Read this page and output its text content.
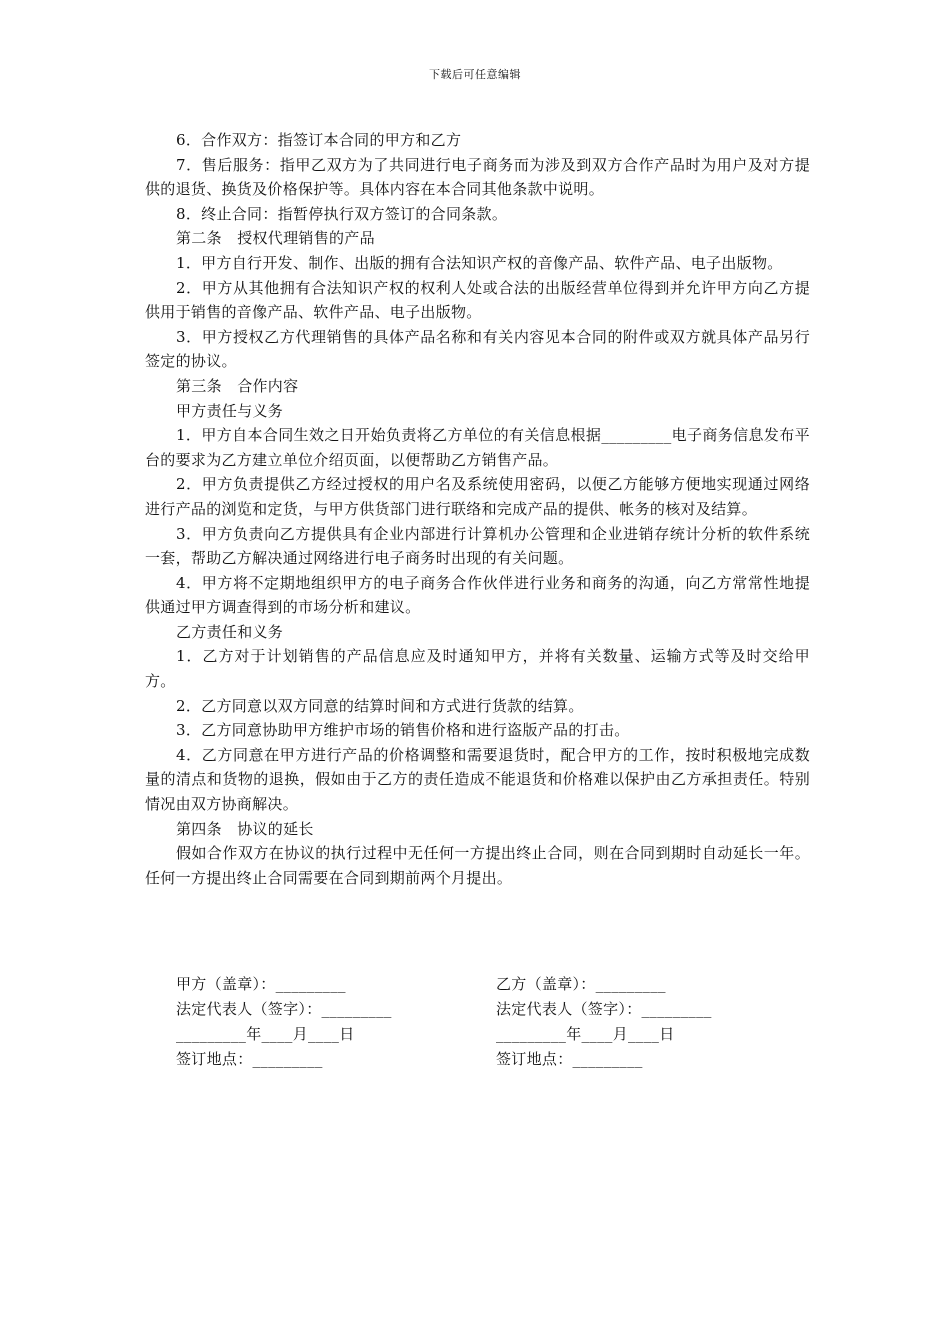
下载后可任意编辑

6．合作双方：指签订本合同的甲方和乙方

7．售后服务：指甲乙双方为了共同进行电子商务而为涉及到双方合作产品时为用户及对方提供的退货、换货及价格保护等。具体内容在本合同其他条款中说明。

8．终止合同：指暂停执行双方签订的合同条款。

第二条　授权代理销售的产品

1．甲方自行开发、制作、出版的拥有合法知识产权的音像产品、软件产品、电子出版物。

2．甲方从其他拥有合法知识产权的权利人处或合法的出版经营单位得到并允许甲方向乙方提供用于销售的音像产品、软件产品、电子出版物。

3．甲方授权乙方代理销售的具体产品名称和有关内容见本合同的附件或双方就具体产品另行签定的协议。

第三条　合作内容

甲方责任与义务

1．甲方自本合同生效之日开始负责将乙方单位的有关信息根据_________电子商务信息发布平台的要求为乙方建立单位介绍页面，以便帮助乙方销售产品。

2．甲方负责提供乙方经过授权的用户名及系统使用密码，以便乙方能够方便地实现通过网络进行产品的浏览和定货，与甲方供货部门进行联络和完成产品的提供、帐务的核对及结算。

3．甲方负责向乙方提供具有企业内部进行计算机办公管理和企业进销存统计分析的软件系统一套，帮助乙方解决通过网络进行电子商务时出现的有关问题。

4．甲方将不定期地组织甲方的电子商务合作伙伴进行业务和商务的沟通，向乙方常常性地提供通过甲方调查得到的市场分析和建议。

乙方责任和义务

1．乙方对于计划销售的产品信息应及时通知甲方，并将有关数量、运输方式等及时交给甲方。

2．乙方同意以双方同意的结算时间和方式进行货款的结算。

3．乙方同意协助甲方维护市场的销售价格和进行盗版产品的打击。

4．乙方同意在甲方进行产品的价格调整和需要退货时，配合甲方的工作，按时积极地完成数量的清点和货物的退换，假如由于乙方的责任造成不能退货和价格难以保护由乙方承担责任。特别情况由双方协商解决。

第四条　协议的延长

假如合作双方在协议的执行过程中无任何一方提出终止合同，则在合同到期时自动延长一年。任何一方提出终止合同需要在合同到期前两个月提出。

甲方（盖章）：_________	乙方（盖章）：_________
法定代表人（签字）：_________	法定代表人（签字）：_________
_________年____月____日	_________年____月____日
签订地点：_________	签订地点：_________
